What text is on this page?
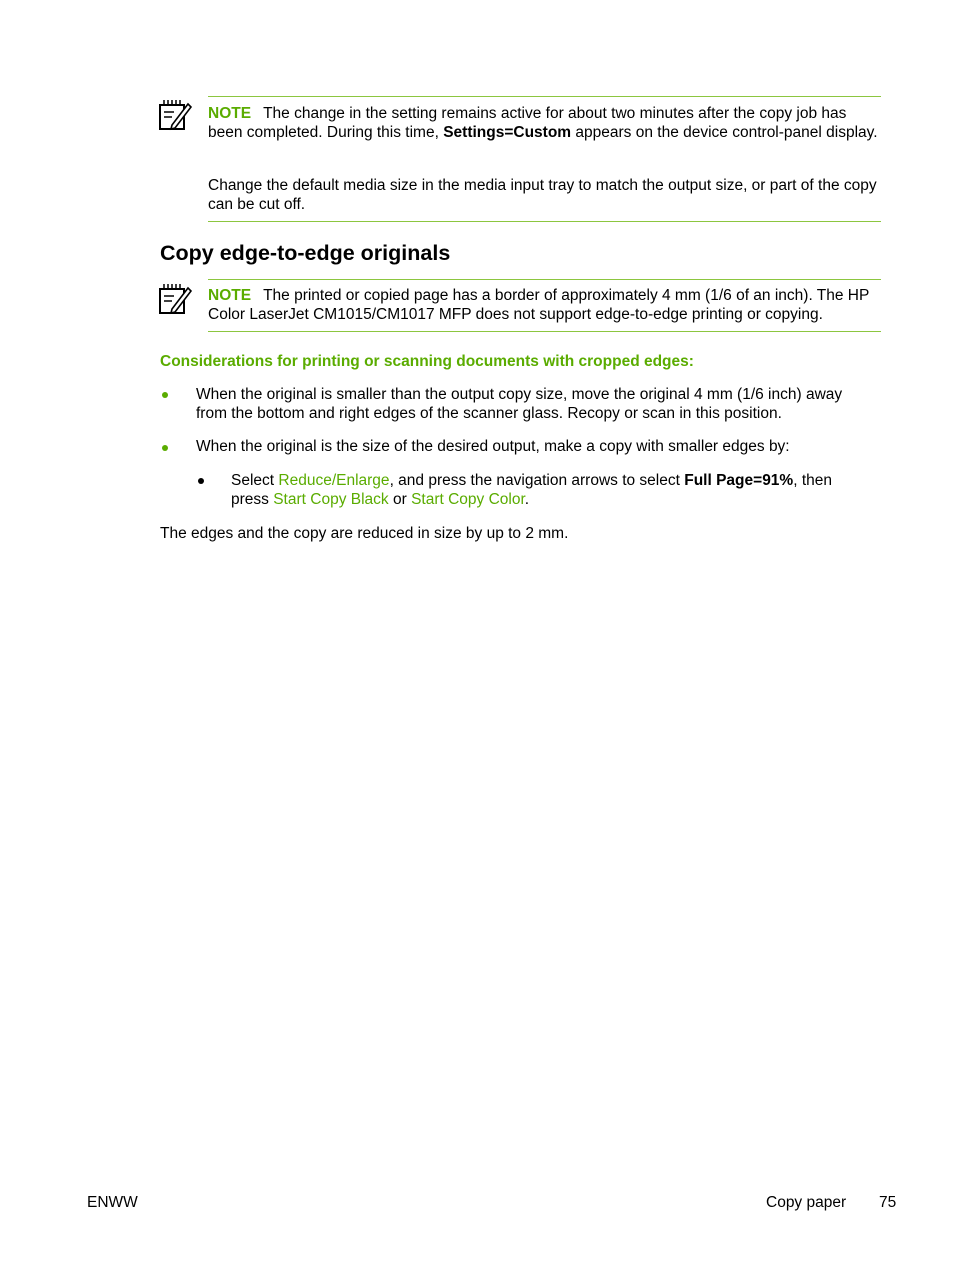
NOTE The change in the setting remains active for about two minutes after the copy job has been completed. During this time, Settings=Custom appears on the device control-panel display.

Change the default media size in the media input tray to match the output size, or part of the copy can be cut off.

Copy edge-to-edge originals

NOTE The printed or copied page has a border of approximately 4 mm (1/6 of an inch). The HP Color LaserJet CM1015/CM1017 MFP does not support edge-to-edge printing or copying.

Considerations for printing or scanning documents with cropped edges:

When the original is smaller than the output copy size, move the original 4 mm (1/6 inch) away from the bottom and right edges of the scanner glass. Recopy or scan in this position.

When the original is the size of the desired output, make a copy with smaller edges by:

Select Reduce/Enlarge, and press the navigation arrows to select Full Page=91%, then press Start Copy Black or Start Copy Color.

The edges and the copy are reduced in size by up to 2 mm.

ENWW	Copy paper 75
